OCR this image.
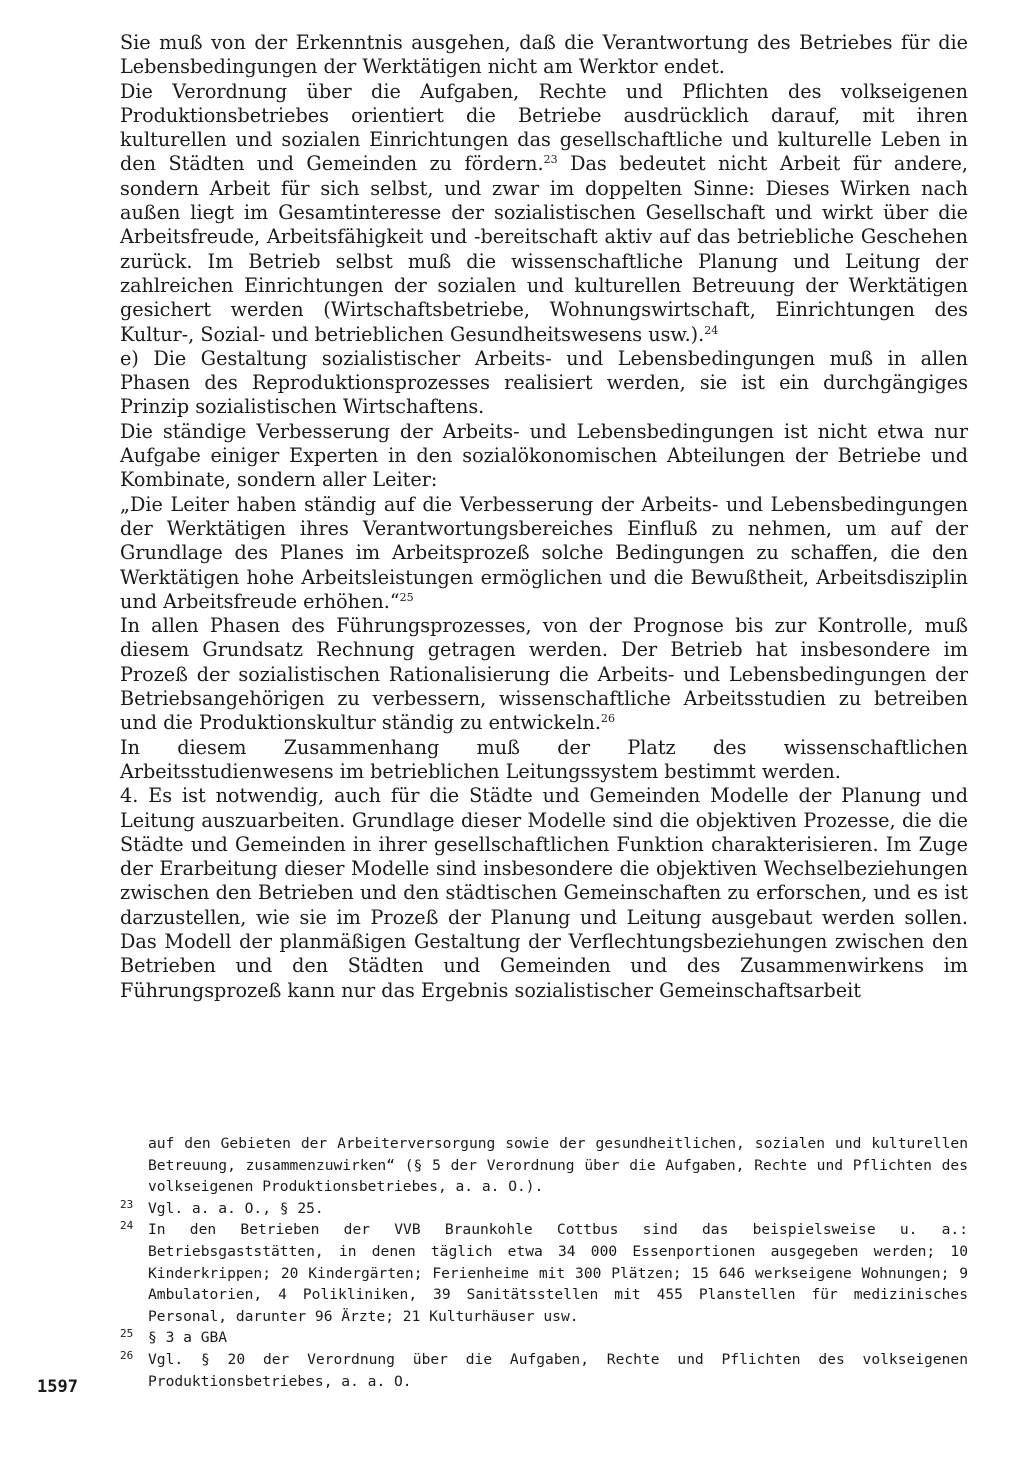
Sie muß von der Erkenntnis ausgehen, daß die Verantwortung des Betriebes für die Lebensbedingungen der Werktätigen nicht am Werktor endet.

Die Verordnung über die Aufgaben, Rechte und Pflichten des volkseigenen Produktionsbetriebes orientiert die Betriebe ausdrücklich darauf, mit ihren kulturellen und sozialen Einrichtungen das gesellschaftliche und kulturelle Leben in den Städten und Gemeinden zu fördern.$^{23}$ Das bedeutet nicht Arbeit für andere, sondern Arbeit für sich selbst, und zwar im doppelten Sinne: Dieses Wirken nach außen liegt im Gesamtinteresse der sozialistischen Gesellschaft und wirkt über die Arbeitsfreude, Arbeitsfähigkeit und -bereitschaft aktiv auf das betriebliche Geschehen zurück. Im Betrieb selbst muß die wissenschaftliche Planung und Leitung der zahlreichen Einrichtungen der sozialen und kulturellen Betreuung der Werktätigen gesichert werden (Wirtschaftsbetriebe, Wohnungswirtschaft, Einrichtungen des Kultur-, Sozial- und betrieblichen Gesundheitswesens usw.).$^{24}$

e) Die Gestaltung sozialistischer Arbeits- und Lebensbedingungen muß in allen Phasen des Reproduktionsprozesses realisiert werden, sie ist ein durchgängiges Prinzip sozialistischen Wirtschaftens.

Die ständige Verbesserung der Arbeits- und Lebensbedingungen ist nicht etwa nur Aufgabe einiger Experten in den sozialökonomischen Abteilungen der Betriebe und Kombinate, sondern aller Leiter:

„Die Leiter haben ständig auf die Verbesserung der Arbeits- und Lebensbedingungen der Werktätigen ihres Verantwortungsbereiches Einfluß zu nehmen, um auf der Grundlage des Planes im Arbeitsprozeß solche Bedingungen zu schaffen, die den Werktätigen hohe Arbeitsleistungen ermöglichen und die Bewußtheit, Arbeitsdisziplin und Arbeitsfreude erhöhen.“$^{25}$

In allen Phasen des Führungsprozesses, von der Prognose bis zur Kontrolle, muß diesem Grundsatz Rechnung getragen werden. Der Betrieb hat insbesondere im Prozeß der sozialistischen Rationalisierung die Arbeits- und Lebensbedingungen der Betriebsangehörigen zu verbessern, wissenschaftliche Arbeitsstudien zu betreiben und die Produktionskultur ständig zu entwickeln.$^{26}$

In diesem Zusammenhang muß der Platz des wissenschaftlichen Arbeitsstudienwesens im betrieblichen Leitungssystem bestimmt werden.

4. Es ist notwendig, auch für die Städte und Gemeinden Modelle der Planung und Leitung auszuarbeiten. Grundlage dieser Modelle sind die objektiven Prozesse, die die Städte und Gemeinden in ihrer gesellschaftlichen Funktion charakterisieren. Im Zuge der Erarbeitung dieser Modelle sind insbesondere die objektiven Wechselbeziehungen zwischen den Betrieben und den städtischen Gemeinschaften zu erforschen, und es ist darzustellen, wie sie im Prozeß der Planung und Leitung ausgebaut werden sollen. Das Modell der planmäßigen Gestaltung der Verflechtungsbeziehungen zwischen den Betrieben und den Städten und Gemeinden und des Zusammenwirkens im Führungsprozeß kann nur das Ergebnis sozialistischer Gemeinschaftsarbeit

auf den Gebieten der Arbeiterversorgung sowie der gesundheitlichen, sozialen und kulturellen Betreuung, zusammenzuwirken“ (§ 5 der Verordnung über die Aufgaben, Rechte und Pflichten des volkseigenen Produktionsbetriebes, a. a. O.).
23 Vgl. a. a. O., § 25.
24 In den Betrieben der VVB Braunkohle Cottbus sind das beispielsweise u. a.: Betriebsgaststätten, in denen täglich etwa 34 000 Essenportionen ausgegeben werden; 10 Kinderkrippen; 20 Kindergärten; Ferienheime mit 300 Plätzen; 15 646 werkseigene Wohnungen; 9 Ambulatorien, 4 Polikliniken, 39 Sanitätsstellen mit 455 Planstellen für medizinisches Personal, darunter 96 Ärzte; 21 Kulturhäuser usw.
25 § 3 a GBA
26 Vgl. § 20 der Verordnung über die Aufgaben, Rechte und Pflichten des volkseigenen Produktionsbetriebes, a. a. O.
1597
